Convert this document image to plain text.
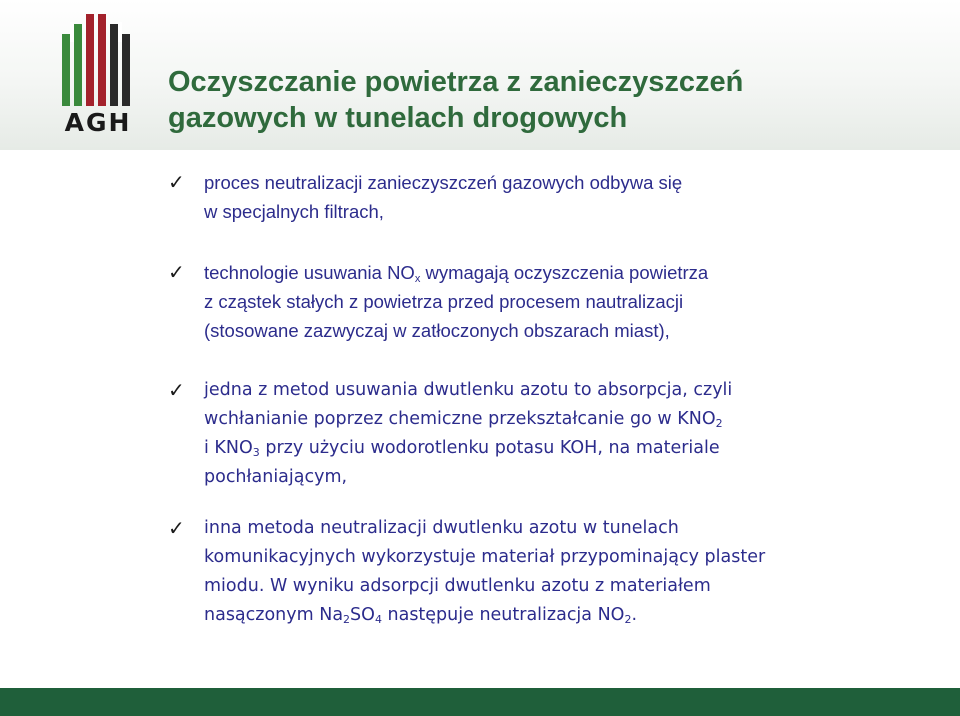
AGH
Oczyszczanie powietrza z zanieczyszczeń
gazowych w tunelach drogowych
✓ proces neutralizacji zanieczyszczeń gazowych odbywa się
w specjalnych filtrach,
✓ technologie usuwania $NO_x$ wymagają oczyszczenia powietrza
z cząstek stałych z powietrza przed procesem nautralizacji
(stosowane zazwyczaj w zatłoczonych obszarach miast),
✓ jedna z metod usuwania dwutlenku azotu to absorpcja, czyli
wchłanianie poprzez chemiczne przekształcanie go w $KNO_2$
i $KNO_3$ przy użyciu wodorotlenku potasu KOH, na materiale
pochłaniającym,
✓ inna metoda neutralizacji dwutlenku azotu w tunelach
komunikacyjnych wykorzystuje materiał przypominający plaster
miodu. W wyniku adsorpcji dwutlenku azotu z materiałem
nasączonym $Na_2SO_4$ następuje neutralizacja $NO_2$.
